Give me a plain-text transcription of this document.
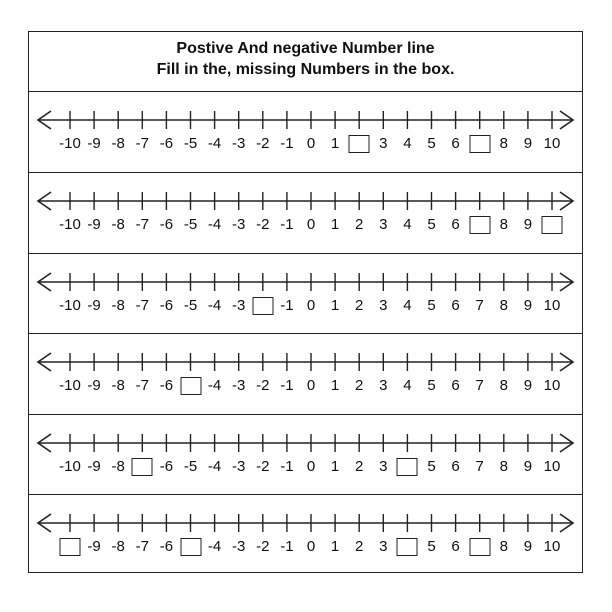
Postive And negative Number line
Fill in the, missing Numbers in the box.
-10 -9 -8 -7 -6 -5 -4 -3 -2 -1 0 1	3 4 5 6	8 9 10
-10 -9 -8 -7 -6 -5 -4 -3 -2 -1 0 1 2 3 4 5 6	8 9
-10 -9 -8 -7 -6 -5 -4 -3 -1 0 1 2 3 4 5 6 7 8 9 10
-10 -9 -8 -7 -6 -4 -3 -2 -1 0 1 2 3 4 5 6 7 8 9 10
-10 -9 -8 -6 -5 -4 -3 -2 -1 0 1 2 3	5 6 7 8 9 10
-9 -8 -7 -6 -4 -3 -2 -1 0 1 2 3	5 6	8 9 10
